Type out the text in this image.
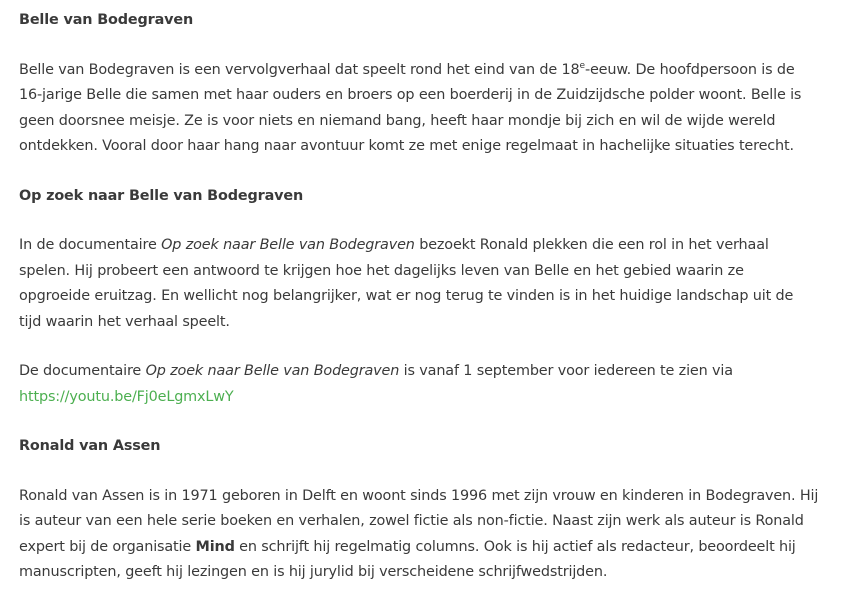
Belle van Bodegraven

Belle van Bodegraven is een vervolgverhaal dat speelt rond het eind van de 18e-eeuw. De hoofdpersoon is de 16-jarige Belle die samen met haar ouders en broers op een boerderij in de Zuidzijdsche polder woont. Belle is geen doorsnee meisje. Ze is voor niets en niemand bang, heeft haar mondje bij zich en wil de wijde wereld ontdekken. Vooral door haar hang naar avontuur komt ze met enige regelmaat in hachelijke situaties terecht.

Op zoek naar Belle van Bodegraven

In de documentaire Op zoek naar Belle van Bodegraven bezoekt Ronald plekken die een rol in het verhaal spelen. Hij probeert een antwoord te krijgen hoe het dagelijks leven van Belle en het gebied waarin ze opgroeide eruitzag. En wellicht nog belangrijker, wat er nog terug te vinden is in het huidige landschap uit de tijd waarin het verhaal speelt.

De documentaire Op zoek naar Belle van Bodegraven is vanaf 1 september voor iedereen te zien via https://youtu.be/Fj0eLgmxLwY

Ronald van Assen

Ronald van Assen is in 1971 geboren in Delft en woont sinds 1996 met zijn vrouw en kinderen in Bodegraven. Hij is auteur van een hele serie boeken en verhalen, zowel fictie als non-fictie. Naast zijn werk als auteur is Ronald expert bij de organisatie Mind en schrijft hij regelmatig columns. Ook is hij actief als redacteur, beoordeelt hij manuscripten, geeft hij lezingen en is hij jurylid bij verscheidene schrijfwedstrijden.
